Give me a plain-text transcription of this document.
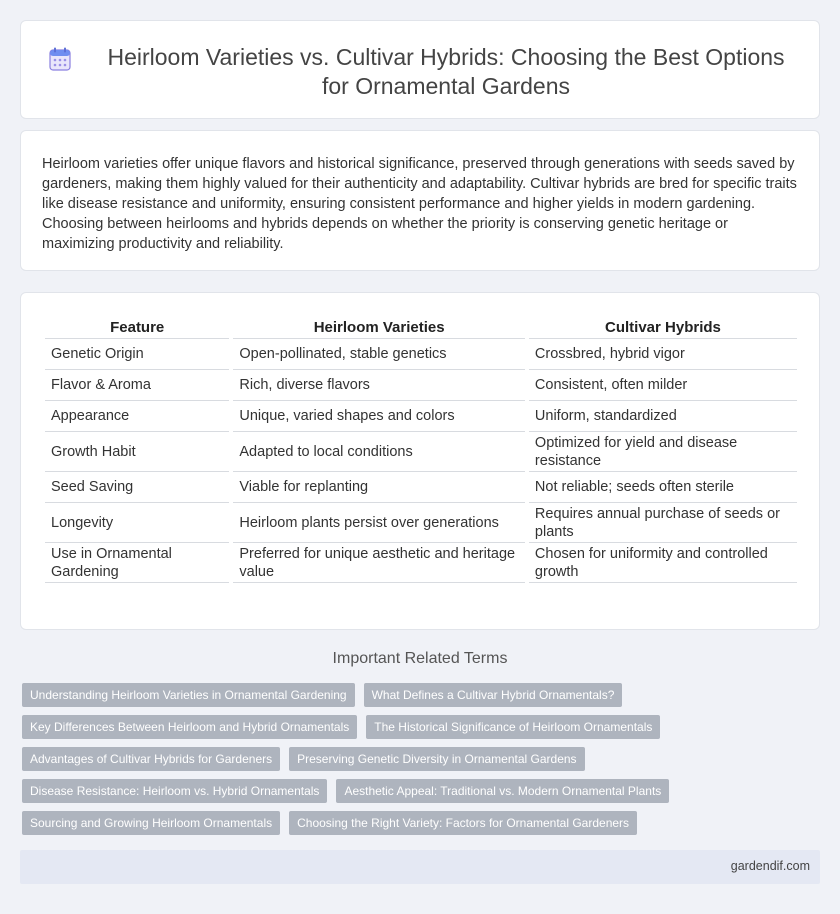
Heirloom Varieties vs. Cultivar Hybrids: Choosing the Best Options for Ornamental Gardens

Heirloom varieties offer unique flavors and historical significance, preserved through generations with seeds saved by gardeners, making them highly valued for their authenticity and adaptability. Cultivar hybrids are bred for specific traits like disease resistance and uniformity, ensuring consistent performance and higher yields in modern gardening. Choosing between heirlooms and hybrids depends on whether the priority is conserving genetic heritage or maximizing productivity and reliability.

Feature	Heirloom Varieties	Cultivar Hybrids
Genetic Origin	Open-pollinated, stable genetics	Crossbred, hybrid vigor
Flavor & Aroma	Rich, diverse flavors	Consistent, often milder
Appearance	Unique, varied shapes and colors	Uniform, standardized
Growth Habit	Adapted to local conditions	Optimized for yield and disease resistance
Seed Saving	Viable for replanting	Not reliable; seeds often sterile
Longevity	Heirloom plants persist over generations	Requires annual purchase of seeds or plants
Use in Ornamental Gardening	Preferred for unique aesthetic and heritage value	Chosen for uniformity and controlled growth
Important Related Terms
Understanding Heirloom Varieties in Ornamental Gardening	What Defines a Cultivar Hybrid Ornamentals?
Key Differences Between Heirloom and Hybrid Ornamentals	The Historical Significance of Heirloom Ornamentals
Advantages of Cultivar Hybrids for Gardeners	Preserving Genetic Diversity in Ornamental Gardens
Disease Resistance: Heirloom vs. Hybrid Ornamentals	Aesthetic Appeal: Traditional vs. Modern Ornamental Plants
Sourcing and Growing Heirloom Ornamentals	Choosing the Right Variety: Factors for Ornamental Gardeners
gardendif.com
